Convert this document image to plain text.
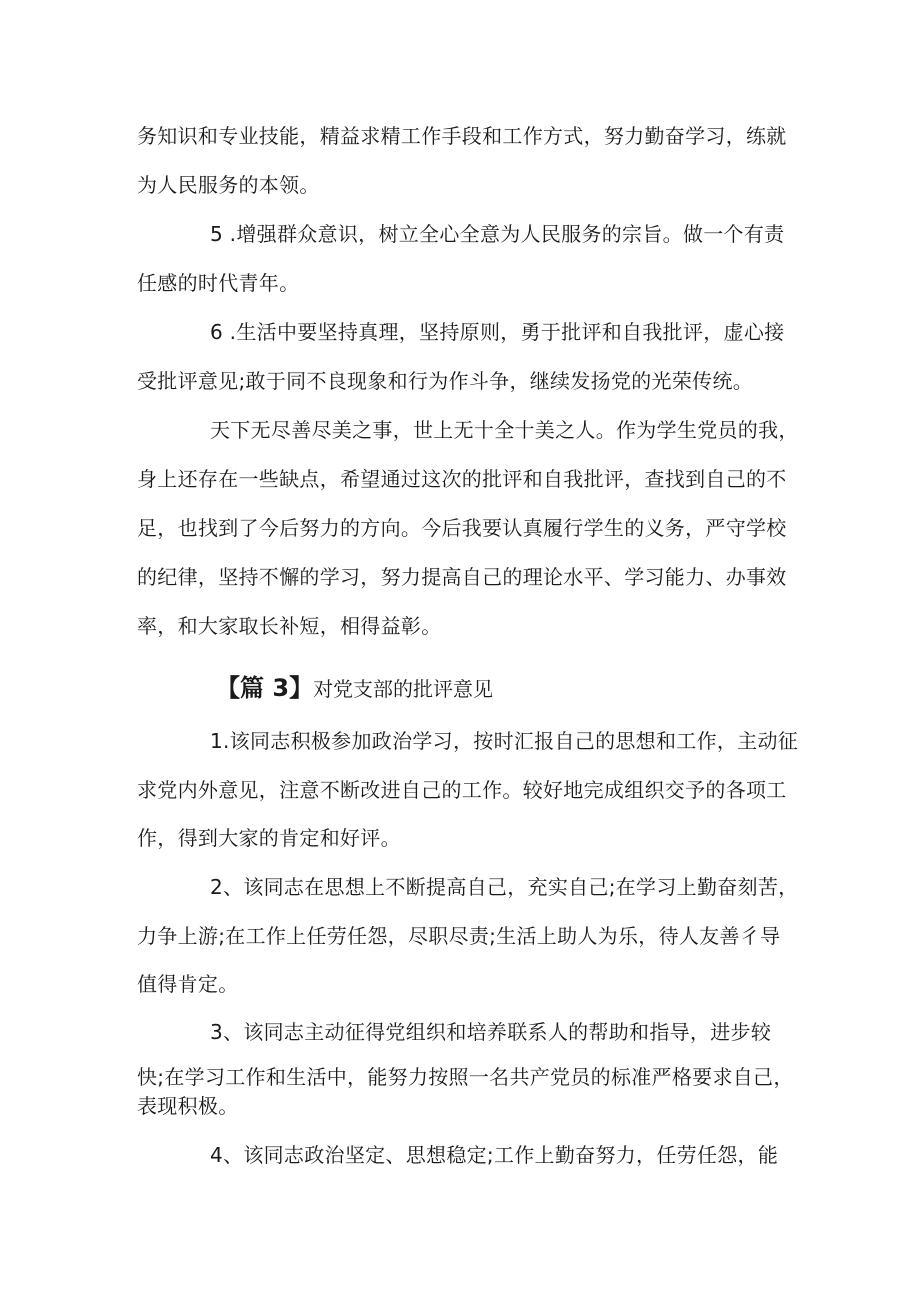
务知识和专业技能，精益求精工作手段和工作方式，努力勤奋学习，练就
为人民服务的本领。
5 .增强群众意识，树立全心全意为人民服务的宗旨。做一个有责
任感的时代青年。
6 .生活中要坚持真理，坚持原则，勇于批评和自我批评，虚心接
受批评意见;敢于同不良现象和行为作斗争，继续发扬党的光荣传统。
天下无尽善尽美之事，世上无十全十美之人。作为学生党员的我，
身上还存在一些缺点，希望通过这次的批评和自我批评，查找到自己的不
足，也找到了今后努力的方向。今后我要认真履行学生的义务，严守学校
的纪律，坚持不懈的学习，努力提高自己的理论水平、学习能力、办事效
率，和大家取长补短，相得益彰。
【篇 3】对党支部的批评意见
1.该同志积极参加政治学习，按时汇报自己的思想和工作，主动征
求党内外意见，注意不断改进自己的工作。较好地完成组织交予的各项工
作，得到大家的肯定和好评。
2、该同志在思想上不断提高自己，充实自己;在学习上勤奋刻苦，
力争上游;在工作上任劳任怨，尽职尽责;生活上助人为乐，待人友善彳导
值得肯定。
3、该同志主动征得党组织和培养联系人的帮助和指导，进步较
快;在学习工作和生活中，能努力按照一名共产党员的标准严格要求自己，
表现积极。
4、该同志政治坚定、思想稳定;工作上勤奋努力，任劳任怨，能
